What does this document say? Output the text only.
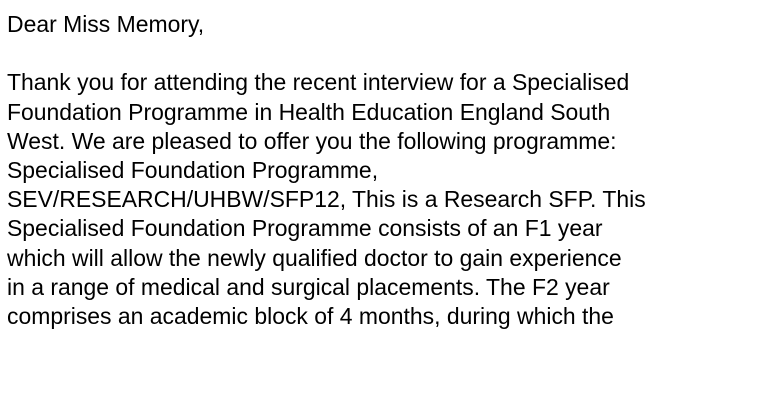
Dear Miss Memory,
Thank you for attending the recent interview for a Specialised
Foundation Programme in Health Education England South
West. We are pleased to offer you the following programme:
Specialised Foundation Programme,
SEV/RESEARCH/UHBW/SFP12, This is a Research SFP. This
Specialised Foundation Programme consists of an F1 year
which will allow the newly qualified doctor to gain experience
in a range of medical and surgical placements. The F2 year
comprises an academic block of 4 months, during which the
